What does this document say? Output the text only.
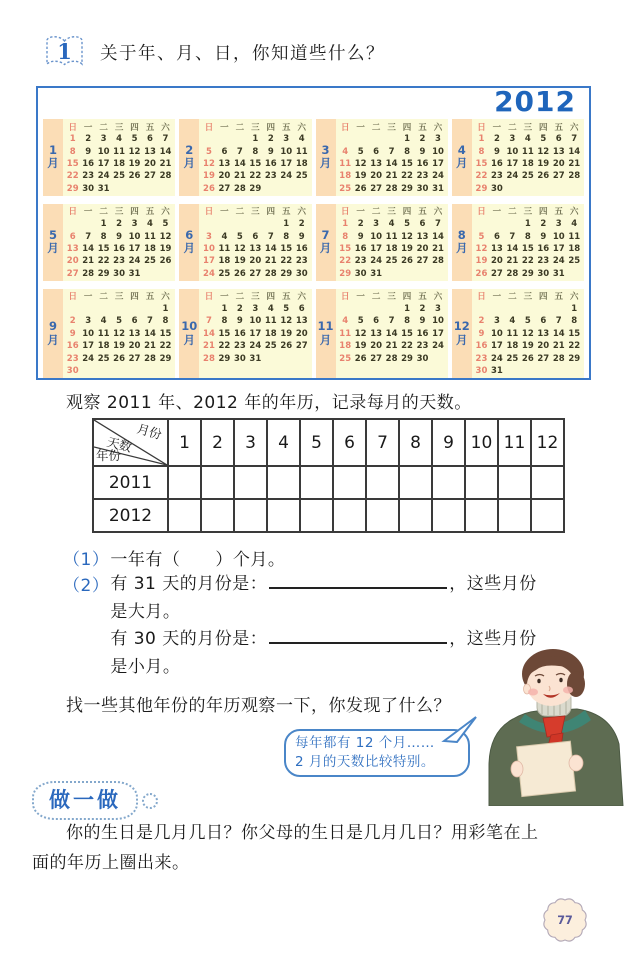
1 关于年、月、日，你知道些什么？
2012
1
月
日	一	二	三	四	五	六
1	2	3	4	5	6	7
8	9	10	11	12	13	14
15	16	17	18	19	20	21
22	23	24	25	26	27	28
29	30	31				
2
月
日	一	二	三	四	五	六
			1	2	3	4
5	6	7	8	9	10	11
12	13	14	15	16	17	18
19	20	21	22	23	24	25
26	27	28	29			
3
月
日	一	二	三	四	五	六
				1	2	3
4	5	6	7	8	9	10
11	12	13	14	15	16	17
18	19	20	21	22	23	24
25	26	27	28	29	30	31
4
月
日	一	二	三	四	五	六
1	2	3	4	5	6	7
8	9	10	11	12	13	14
15	16	17	18	19	20	21
22	23	24	25	26	27	28
29	30					
5
月
日	一	二	三	四	五	六
		1	2	3	4	5
6	7	8	9	10	11	12
13	14	15	16	17	18	19
20	21	22	23	24	25	26
27	28	29	30	31		
6
月
日	一	二	三	四	五	六
					1	2
3	4	5	6	7	8	9
10	11	12	13	14	15	16
17	18	19	20	21	22	23
24	25	26	27	28	29	30
7
月
日	一	二	三	四	五	六
1	2	3	4	5	6	7
8	9	10	11	12	13	14
15	16	17	18	19	20	21
22	23	24	25	26	27	28
29	30	31				
8
月
日	一	二	三	四	五	六
			1	2	3	4
5	6	7	8	9	10	11
12	13	14	15	16	17	18
19	20	21	22	23	24	25
26	27	28	29	30	31	
9
月
日	一	二	三	四	五	六
						1
2	3	4	5	6	7	8
9	10	11	12	13	14	15
16	17	18	19	20	21	22
23	24	25	26	27	28	29
30						
10
月
日	一	二	三	四	五	六
	1	2	3	4	5	6
7	8	9	10	11	12	13
14	15	16	17	18	19	20
21	22	23	24	25	26	27
28	29	30	31			
11
月
日	一	二	三	四	五	六
				1	2	3
4	5	6	7	8	9	10
11	12	13	14	15	16	17
18	19	20	21	22	23	24
25	26	27	28	29	30	
12
月
日	一	二	三	四	五	六
						1
2	3	4	5	6	7	8
9	10	11	12	13	14	15
16	17	18	19	20	21	22
23	24	25	26	27	28	29
30	31					

观察 2011 年、2012 年的年历，记录每月的天数。

月份
天数
年份	1	2	3	4	5	6	7	8	9	10	11	12
2011												
2012												
（1）一年有（　　）个月。
（2） 有 31 天的月份是：	，这些月份
是大月。
有 30 天的月份是：	，这些月份
是小月。

找一些其他年份的年历观察一下，你发现了什么？

每年都有 12 个月……
2 月的天数比较特别。
做一做
你的生日是几月几日？你父母的生日是几月几日？用彩笔在上
面的年历上圈出来。
77
